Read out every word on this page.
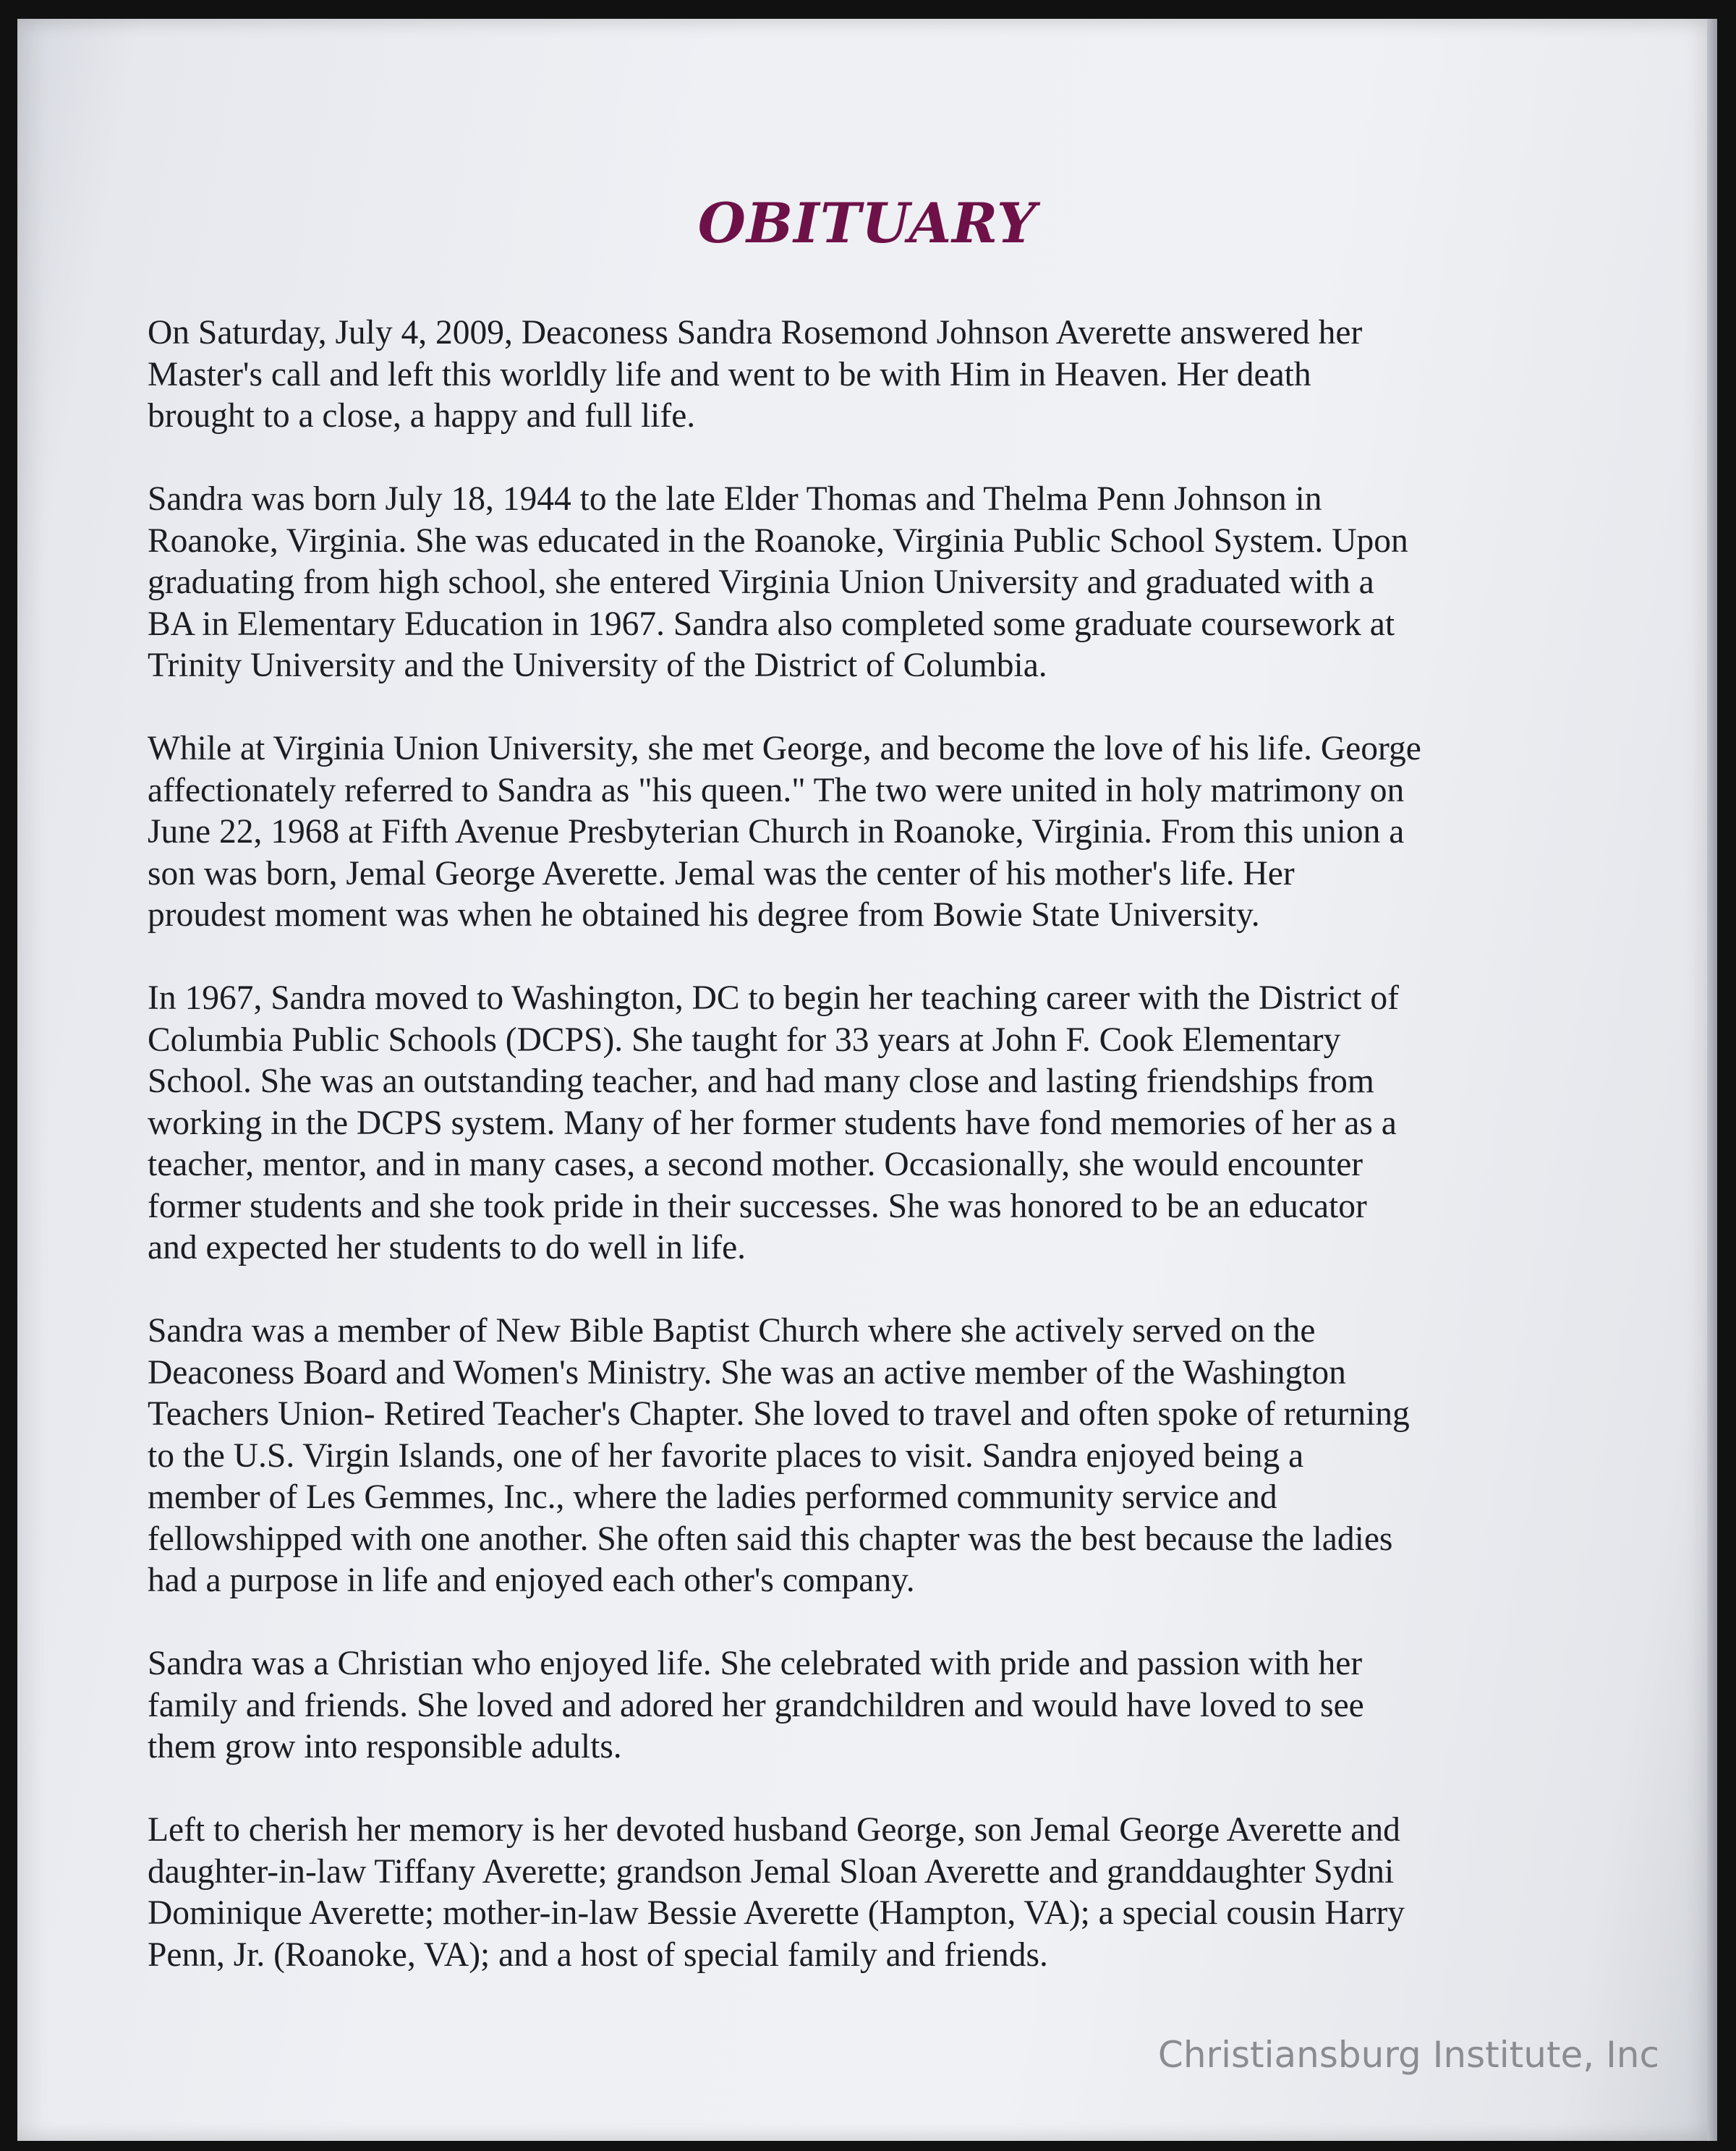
OBITUARY

On Saturday, July 4, 2009, Deaconess Sandra Rosemond Johnson Averette answered her
Master's call and left this worldly life and went to be with Him in Heaven. Her death
brought to a close, a happy and full life.

Sandra was born July 18, 1944 to the late Elder Thomas and Thelma Penn Johnson in
Roanoke, Virginia. She was educated in the Roanoke, Virginia Public School System. Upon
graduating from high school, she entered Virginia Union University and graduated with a
BA in Elementary Education in 1967. Sandra also completed some graduate coursework at
Trinity University and the University of the District of Columbia.

While at Virginia Union University, she met George, and become the love of his life. George
affectionately referred to Sandra as "his queen." The two were united in holy matrimony on
June 22, 1968 at Fifth Avenue Presbyterian Church in Roanoke, Virginia. From this union a
son was born, Jemal George Averette. Jemal was the center of his mother's life. Her
proudest moment was when he obtained his degree from Bowie State University.

In 1967, Sandra moved to Washington, DC to begin her teaching career with the District of
Columbia Public Schools (DCPS). She taught for 33 years at John F. Cook Elementary
School. She was an outstanding teacher, and had many close and lasting friendships from
working in the DCPS system. Many of her former students have fond memories of her as a
teacher, mentor, and in many cases, a second mother. Occasionally, she would encounter
former students and she took pride in their successes. She was honored to be an educator
and expected her students to do well in life.

Sandra was a member of New Bible Baptist Church where she actively served on the
Deaconess Board and Women's Ministry. She was an active member of the Washington
Teachers Union- Retired Teacher's Chapter. She loved to travel and often spoke of returning
to the U.S. Virgin Islands, one of her favorite places to visit. Sandra enjoyed being a
member of Les Gemmes, Inc., where the ladies performed community service and
fellowshipped with one another. She often said this chapter was the best because the ladies
had a purpose in life and enjoyed each other's company.

Sandra was a Christian who enjoyed life. She celebrated with pride and passion with her
family and friends. She loved and adored her grandchildren and would have loved to see
them grow into responsible adults.

Left to cherish her memory is her devoted husband George, son Jemal George Averette and
daughter-in-law Tiffany Averette; grandson Jemal Sloan Averette and granddaughter Sydni
Dominique Averette; mother-in-law Bessie Averette (Hampton, VA); a special cousin Harry
Penn, Jr. (Roanoke, VA); and a host of special family and friends.

Christiansburg Institute, Inc
